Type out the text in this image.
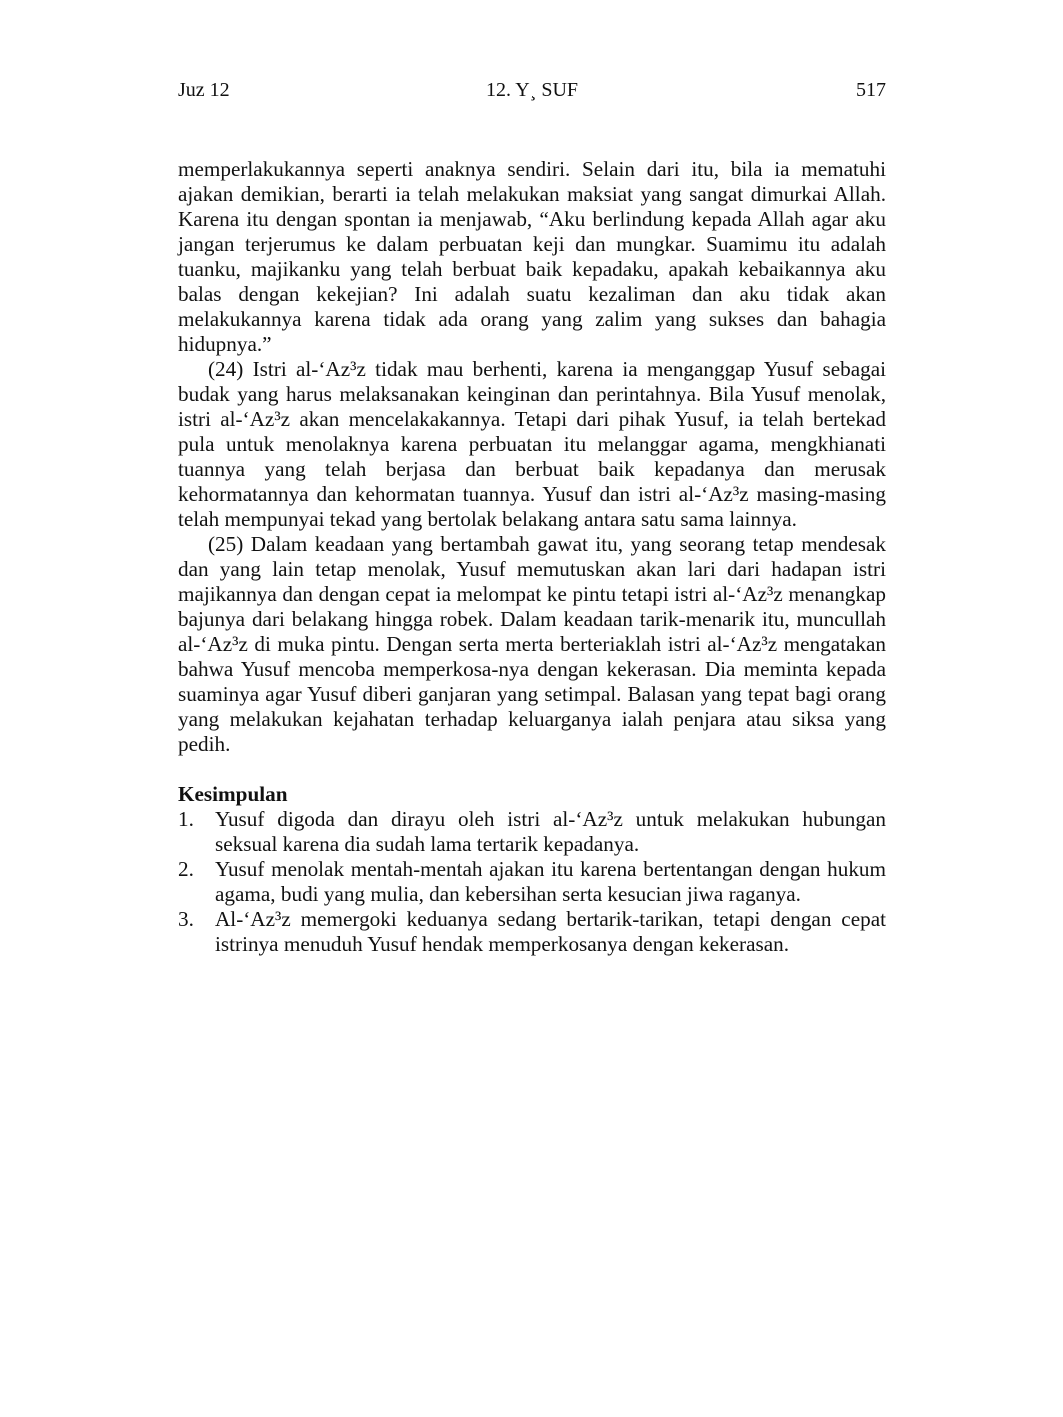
Juz 12	12. Y¸ SUF	517

memperlakukannya seperti anaknya sendiri. Selain dari itu, bila ia mematuhi ajakan demikian, berarti ia telah melakukan maksiat yang sangat dimurkai Allah. Karena itu dengan spontan ia menjawab, “Aku berlindung kepada Allah agar aku jangan terjerumus ke dalam perbuatan keji dan mungkar. Suamimu itu adalah tuanku, majikanku yang telah berbuat baik kepadaku, apakah kebaikannya aku balas dengan kekejian? Ini adalah suatu kezaliman dan aku tidak akan melakukannya karena tidak ada orang yang zalim yang sukses dan bahagia hidupnya.”

(24) Istri al-‘Az³z tidak mau berhenti, karena ia menganggap Yusuf sebagai budak yang harus melaksanakan keinginan dan perintahnya. Bila Yusuf menolak, istri al-‘Az³z akan mencelakakannya. Tetapi dari pihak Yusuf, ia telah bertekad pula untuk menolaknya karena perbuatan itu melanggar agama, mengkhianati tuannya yang telah berjasa dan berbuat baik kepadanya dan merusak kehormatannya dan kehormatan tuannya. Yusuf dan istri al-‘Az³z masing-masing telah mempunyai tekad yang bertolak belakang antara satu sama lainnya.

(25) Dalam keadaan yang bertambah gawat itu, yang seorang tetap mendesak dan yang lain tetap menolak, Yusuf memutuskan akan lari dari hadapan istri majikannya dan dengan cepat ia melompat ke pintu tetapi istri al-‘Az³z menangkap bajunya dari belakang hingga robek. Dalam keadaan tarik-menarik itu, muncullah al-‘Az³z di muka pintu. Dengan serta merta berteriaklah istri al-‘Az³z mengatakan bahwa Yusuf mencoba memperkosa-nya dengan kekerasan. Dia meminta kepada suaminya agar Yusuf diberi ganjaran yang setimpal. Balasan yang tepat bagi orang yang melakukan kejahatan terhadap keluarganya ialah penjara atau siksa yang pedih.

Kesimpulan
1. Yusuf digoda dan dirayu oleh istri al-‘Az³z untuk melakukan hubungan seksual karena dia sudah lama tertarik kepadanya.
2. Yusuf menolak mentah-mentah ajakan itu karena bertentangan dengan hukum agama, budi yang mulia, dan kebersihan serta kesucian jiwa raganya.
3. Al-‘Az³z memergoki keduanya sedang bertarik-tarikan, tetapi dengan cepat istrinya menuduh Yusuf hendak memperkosanya dengan kekerasan.
